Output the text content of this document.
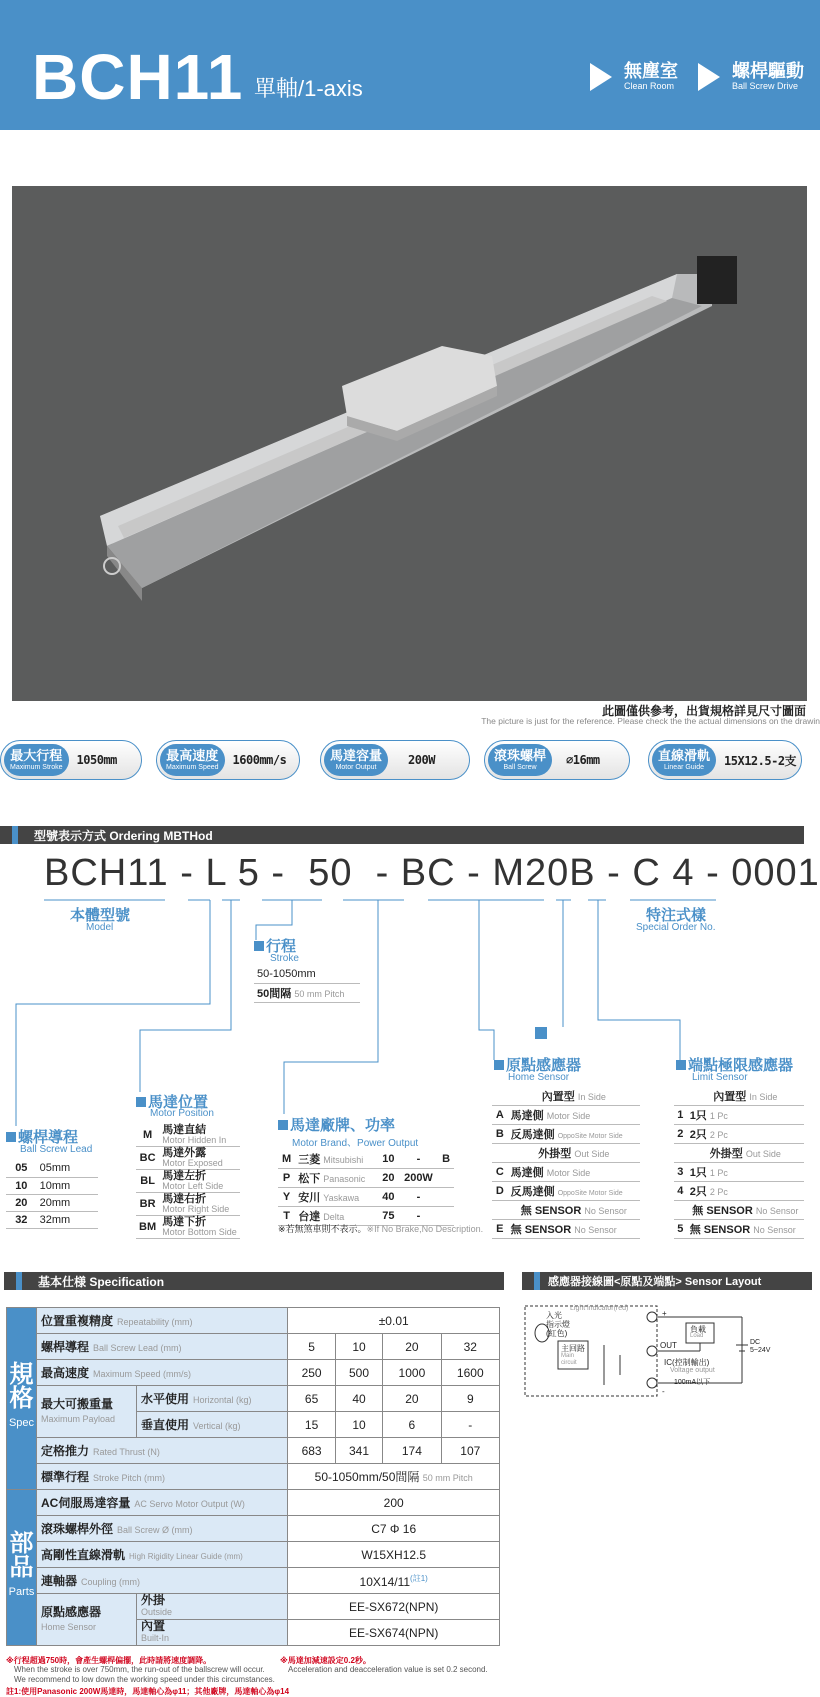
BCH11 單軸/1-axis
無塵室
Clean Room
螺桿驅動
Ball Screw Drive
此圖僅供參考，出貨規格詳見尺寸圖面
The picture is just for the reference. Please check the the actual dimensions on the drawin
最大行程
Maximum Stroke
1050mm	最高速度
Maximum Speed
1600mm/s	馬達容量
Motor Output
200W	滾珠螺桿
Ball Screw
⌀16mm	直線滑軌
Linear Guide	15X12.5-2支
型號表示方式 Ordering MBTHod
BCH11 - L 5 -  50  - BC - M20B - C 4 - 0001
本體型號
Model
特注式樣
Special Order No.
行程
Stroke
50-1050mm
50間隔 50 mm Pitch
螺桿導程
Ball Screw Lead
05	05mm
10	10mm
20	20mm
32	32mm
馬達位置
Motor Position
M	馬達直結
Motor Hidden In
BC	馬達外露
Motor Exposed
BL	馬達左折
Motor Left Side
BR	馬達右折
Motor Right Side
BM	馬達下折
Motor Bottom Side
馬達廠牌、功率
Motor Brand、Power Output
M	三菱 Mitsubishi	10	-	B
P	松下 Panasonic	20	200W	
Y	安川 Yaskawa	40	-	
T	台達 Delta	75	-	
※若無煞車則不表示。※If No Brake,No Description.
原點感應器
Home Sensor
	內置型 In Side
A	馬達側 Motor Side
B	反馬達側 OppoSite Motor Side
	外掛型 Out Side
C	馬達側 Motor Side
D	反馬達側 OppoSite Motor Side
	無 SENSOR No Sensor
E	無 SENSOR No Sensor
端點極限感應器
Limit Sensor
	內置型 In Side
1	1只 1 Pc
2	2只 2 Pc
	外掛型 Out Side
3	1只 1 Pc
4	2只 2 Pc
	無 SENSOR No Sensor
5	無 SENSOR No Sensor
基本仕様 Specification	感應器接線圖<原點及端點> Sensor Layout
入光
指示燈
(紅色)
Light indicator(red)
主回路
Main circuit
負載
Load
OUT	DC
5~24V
IC(控制輸出)
Voltage output
100mA以下
+
-
規格
Spec	位置重複精度 Repeatability (mm)		±0.01			
	螺桿導程 Ball Screw Lead (mm)		5	10	20	32
	最高速度 Maximum Speed (mm/s)		250	500	1000	1600
	最大可搬重量
Maximum Payload	水平使用 Horizontal (kg)	65	40	20	9
		垂直使用 Vertical (kg)	15	10	6	-
	定格推力 Rated Thrust (N)		683	341	174	107
	標準行程 Stroke Pitch (mm)		50-1050mm/50間隔 50 mm Pitch			

部品
Parts	AC伺服馬達容量 AC Servo Motor Output (W)		200			
	滾珠螺桿外徑 Ball Screw Ø (mm)		C7 Φ 16			
	高剛性直線滑軌 High Rigidity Linear Guide (mm)		W15XH12.5			
	連軸器 Coupling (mm)		$10X14/11^{(註1)}$
	原點感應器
Home Sensor	外掛
Outside	EE-SX672(NPN)			
		內置
Built-In	EE-SX674(NPN)			
※行程超過750時，會產生螺桿偏擺，此時請將速度調降。
When the stroke is over 750mm, the run-out of the ballscrew will occur.
We recommend to low down the working speed under this circumstances.
※馬達加減速設定0.2秒。
Acceleration and deacceleration value is set 0.2 second.
註1:使用Panasonic 200W馬達時，馬達軸心為φ11；其他廠牌，馬達軸心為φ14
